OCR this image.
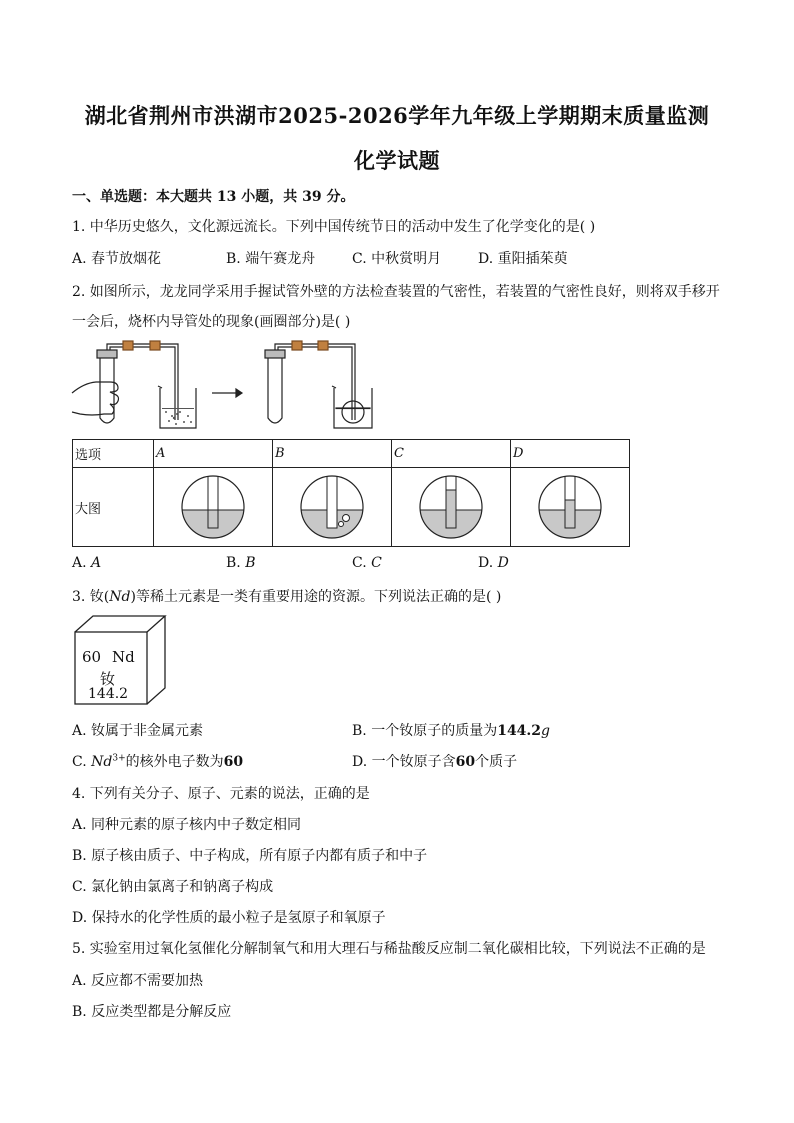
湖北省荆州市洪湖市2025-2026学年九年级上学期期末质量监测
化学试题
一、单选题：本大题共 13 小题，共 39 分。
1. 中华历史悠久，文化源远流长。下列中国传统节日的活动中发生了化学变化的是( )
A. 春节放烟花	B. 端午赛龙舟	C. 中秋赏明月	D. 重阳插茱萸
2. 如图所示，龙龙同学采用手握试管外壁的方法检查装置的气密性，若装置的气密性良好，则将双手移开
一会后，烧杯内导管处的现象(画圈部分)是( )
选项	A	B	C	D
大图	

A. A	B. B	C. C	D. D
3. 钕(Nd)等稀土元素是一类有重要用途的资源。下列说法正确的是( )
60 Nd
钕
144.2
A. 钕属于非金属元素	B. 一个钕原子的质量为144.2g
C. $Nd^{3+}$的核外电子数为60	D. 一个钕原子含60个质子
4. 下列有关分子、原子、元素的说法，正确的是
A. 同种元素的原子核内中子数定相同
B. 原子核由质子、中子构成，所有原子内都有质子和中子
C. 氯化钠由氯离子和钠离子构成
D. 保持水的化学性质的最小粒子是氢原子和氧原子
5. 实验室用过氧化氢催化分解制氧气和用大理石与稀盐酸反应制二氧化碳相比较，下列说法不正确的是
A. 反应都不需要加热
B. 反应类型都是分解反应
